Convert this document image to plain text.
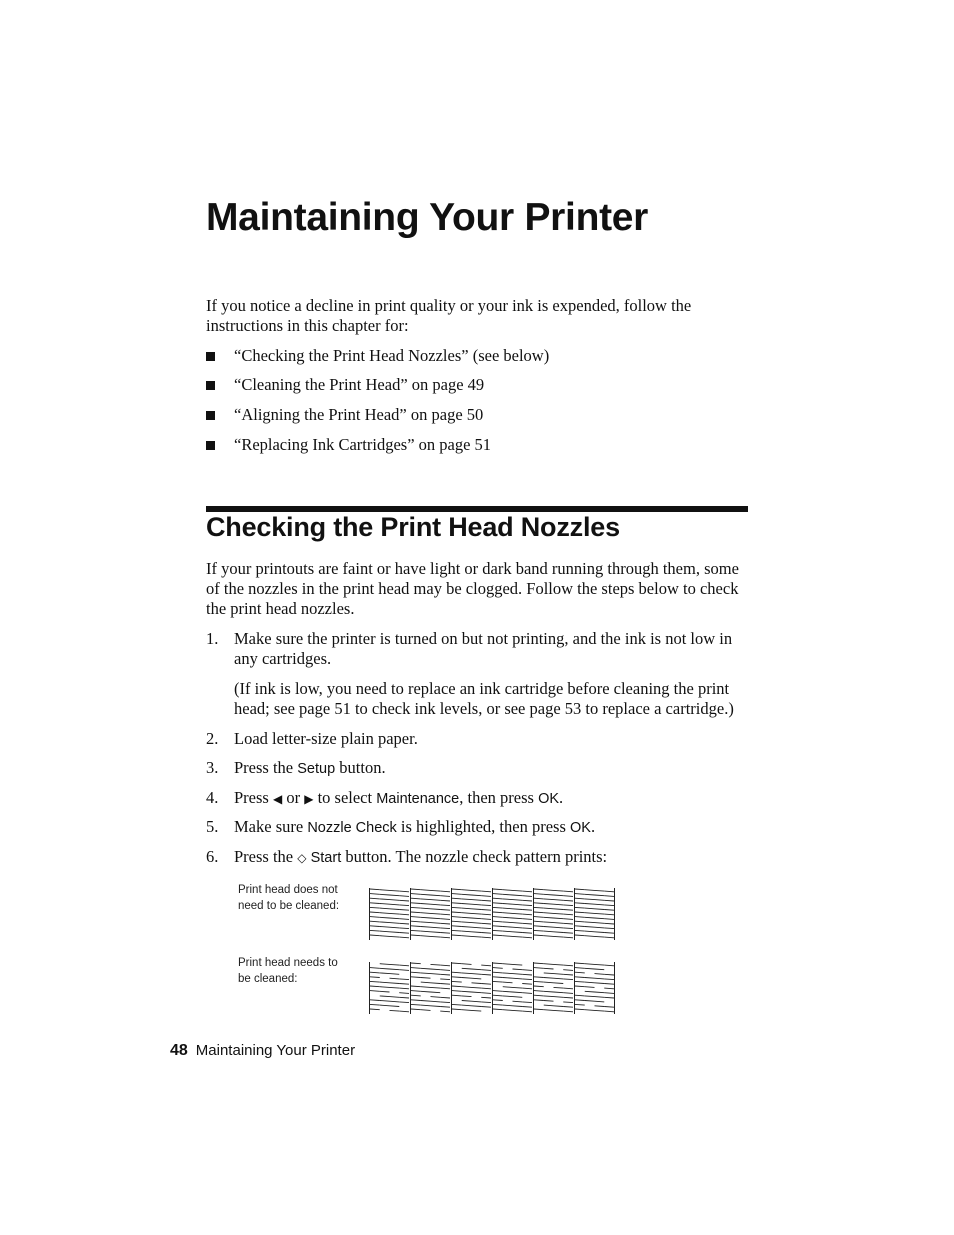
Maintaining Your Printer

If you notice a decline in print quality or your ink is expended, follow the instructions in this chapter for:

“Checking the Print Head Nozzles” (see below)
“Cleaning the Print Head” on page 49
“Aligning the Print Head” on page 50
“Replacing Ink Cartridges” on page 51
Checking the Print Head Nozzles

If your printouts are faint or have light or dark band running through them, some of the nozzles in the print head may be clogged. Follow the steps below to check the print head nozzles.

1. Make sure the printer is turned on but not printing, and the ink is not low in any cartridges.
(If ink is low, you need to replace an ink cartridge before cleaning the print head; see page 51 to check ink levels, or see page 53 to replace a cartridge.)
2. Load letter-size plain paper.
3. Press the Setup button.
4. Press ◀ or ▶ to select Maintenance, then press OK.
5. Make sure Nozzle Check is highlighted, then press OK.
6. Press the ◇ Start button. The nozzle check pattern prints:
Print head does not need to be cleaned:
Print head needs to be cleaned:
48 Maintaining Your Printer
